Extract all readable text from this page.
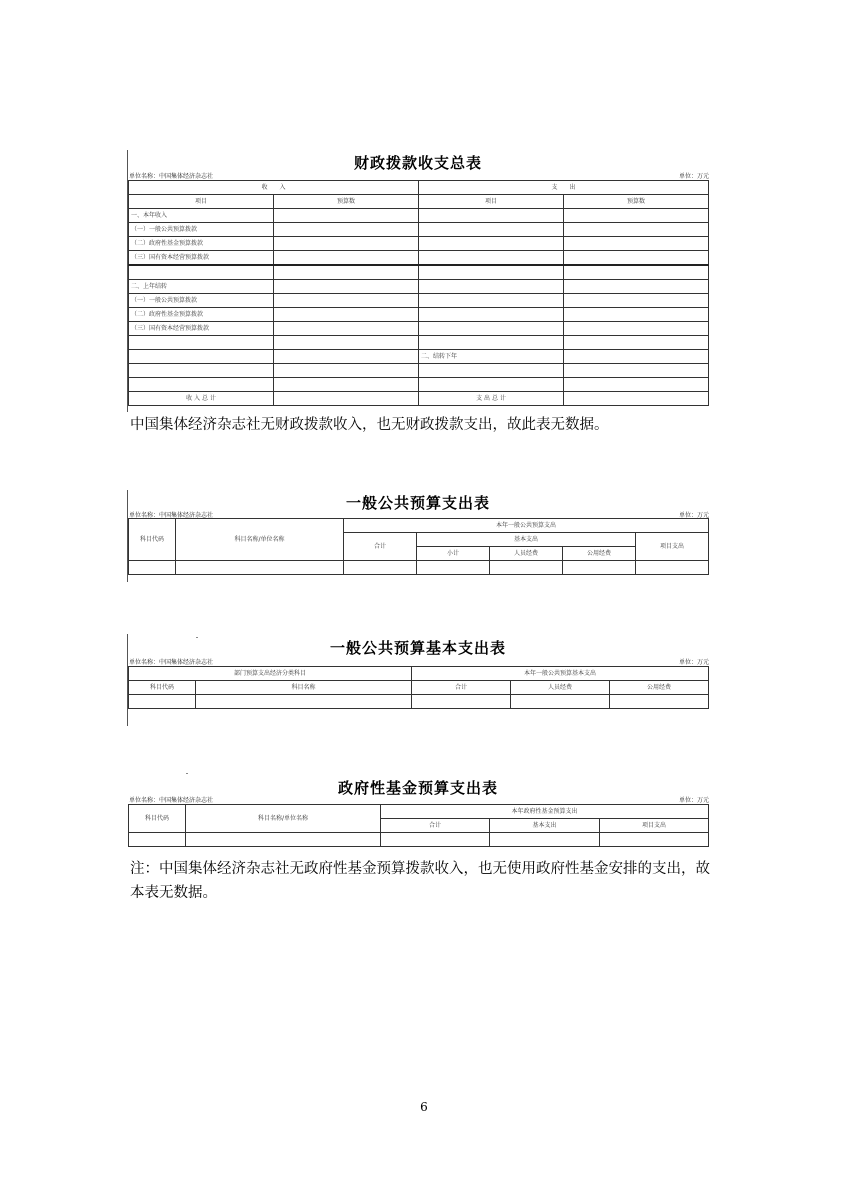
财政拨款收支总表
单位名称：中国集体经济杂志社	单位：万元
收　　入		支　　出	
项目	预算数	项目	预算数
一、本年收入			
（一）一般公共预算拨款			
（二）政府性基金预算拨款			
（三）国有资本经营预算拨款			

二、上年结转			
（一）一般公共预算拨款			
（二）政府性基金预算拨款			
（三）国有资本经营预算拨款			

		二、结转下年	

收 入 总 计		支 出 总 计	
中国集体经济杂志社无财政拨款收入，也无财政拨款支出，故此表无数据。
一般公共预算支出表
单位名称：中国集体经济杂志社	单位：万元
科目代码	科目名称/单位名称	本年一般公共预算支出				
		合计	基本支出			项目支出
			小计	人员经费	公用经费	

一般公共预算基本支出表
单位名称：中国集体经济杂志社	单位：万元
部门预算支出经济分类科目		本年一般公共预算基本支出		
科目代码	科目名称	合计	人员经费	公用经费

政府性基金预算支出表
单位名称：中国集体经济杂志社	单位：万元
科目代码	科目名称/单位名称	本年政府性基金预算支出		
		合计	基本支出	项目支出

注：中国集体经济杂志社无政府性基金预算拨款收入，也无使用政府性基金安排的支出，故本表无数据。
6
